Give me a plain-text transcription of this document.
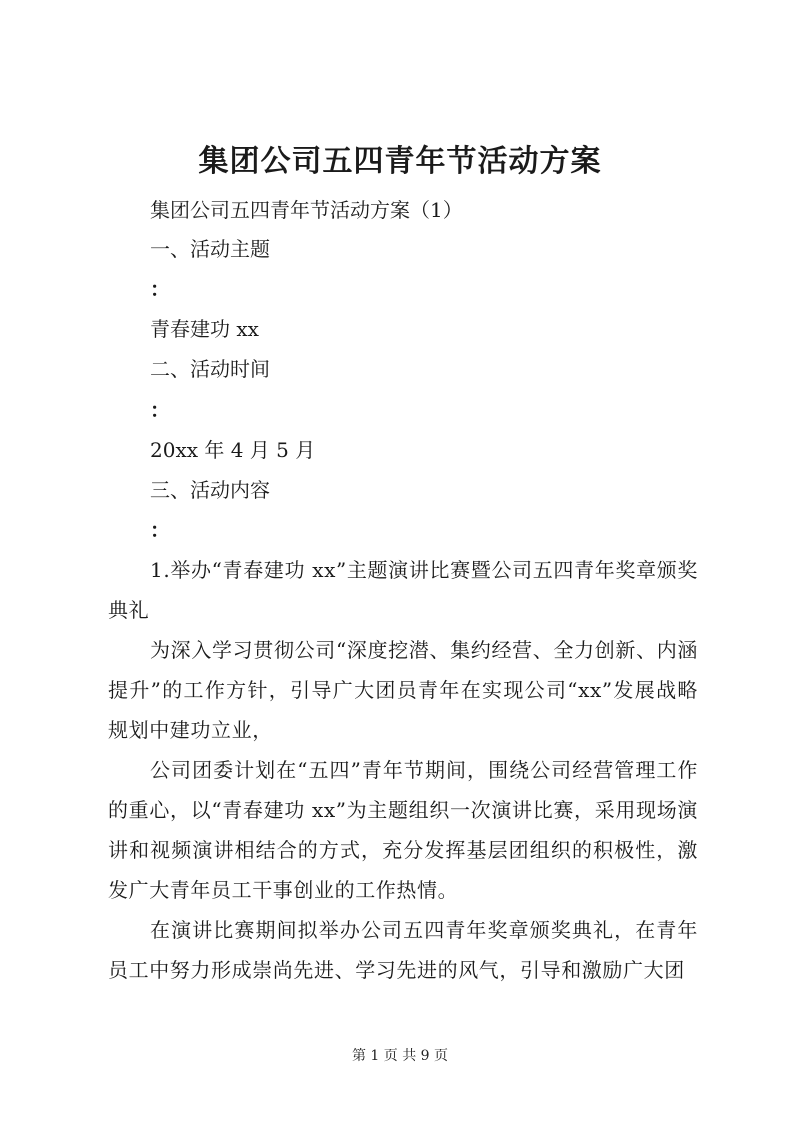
集团公司五四青年节活动方案
集团公司五四青年节活动方案（1）
一、活动主题
：
青春建功 xx
二、活动时间
：
20xx 年 4 月 5 月
三、活动内容
：
1.举办“青春建功 xx”主题演讲比赛暨公司五四青年奖章颁奖典礼
为深入学习贯彻公司“深度挖潜、集约经营、全力创新、内涵提升”的工作方针，引导广大团员青年在实现公司“xx”发展战略规划中建功立业，
公司团委计划在“五四”青年节期间，围绕公司经营管理工作的重心，以“青春建功 xx”为主题组织一次演讲比赛，采用现场演讲和视频演讲相结合的方式，充分发挥基层团组织的积极性，激发广大青年员工干事创业的工作热情。
在演讲比赛期间拟举办公司五四青年奖章颁奖典礼，在青年员工中努力形成崇尚先进、学习先进的风气，引导和激励广大团
第 1 页 共 9 页
